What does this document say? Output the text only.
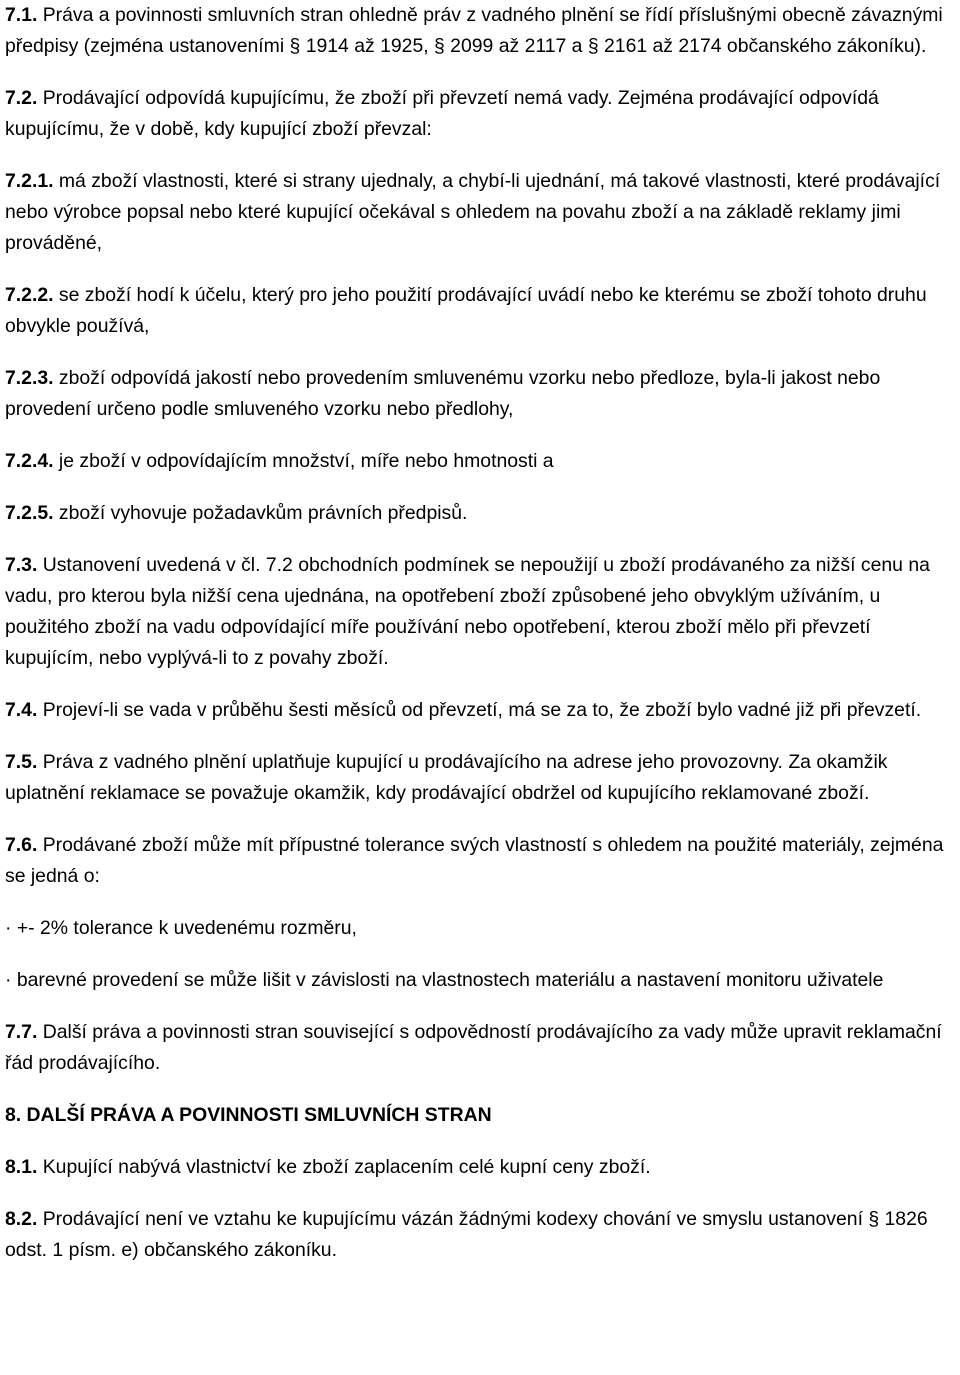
7.1. Práva a povinnosti smluvních stran ohledně práv z vadného plnění se řídí příslušnými obecně závaznými předpisy (zejména ustanoveními § 1914 až 1925, § 2099 až 2117 a § 2161 až 2174 občanského zákoníku).

7.2. Prodávající odpovídá kupujícímu, že zboží při převzetí nemá vady. Zejména prodávající odpovídá kupujícímu, že v době, kdy kupující zboží převzal:

7.2.1. má zboží vlastnosti, které si strany ujednaly, a chybí-li ujednání, má takové vlastnosti, které prodávající nebo výrobce popsal nebo které kupující očekával s ohledem na povahu zboží a na základě reklamy jimi prováděné,

7.2.2. se zboží hodí k účelu, který pro jeho použití prodávající uvádí nebo ke kterému se zboží tohoto druhu obvykle používá,

7.2.3. zboží odpovídá jakostí nebo provedením smluvenému vzorku nebo předloze, byla-li jakost nebo provedení určeno podle smluveného vzorku nebo předlohy,

7.2.4. je zboží v odpovídajícím množství, míře nebo hmotnosti a

7.2.5. zboží vyhovuje požadavkům právních předpisů.

7.3. Ustanovení uvedená v čl. 7.2 obchodních podmínek se nepoužijí u zboží prodávaného za nižší cenu na vadu, pro kterou byla nižší cena ujednána, na opotřebení zboží způsobené jeho obvyklým užíváním, u použitého zboží na vadu odpovídající míře používání nebo opotřebení, kterou zboží mělo při převzetí kupujícím, nebo vyplývá-li to z povahy zboží.

7.4. Projeví-li se vada v průběhu šesti měsíců od převzetí, má se za to, že zboží bylo vadné již při převzetí.

7.5. Práva z vadného plnění uplatňuje kupující u prodávajícího na adrese jeho provozovny. Za okamžik uplatnění reklamace se považuje okamžik, kdy prodávající obdržel od kupujícího reklamované zboží.

7.6. Prodávané zboží může mít přípustné tolerance svých vlastností s ohledem na použité materiály, zejména se jedná o:

· +- 2% tolerance k uvedenému rozměru,

· barevné provedení se může lišit v závislosti na vlastnostech materiálu a nastavení monitoru uživatele

7.7. Další práva a povinnosti stran související s odpovědností prodávajícího za vady může upravit reklamační řád prodávajícího.

8. DALŠÍ PRÁVA A POVINNOSTI SMLUVNÍCH STRAN

8.1. Kupující nabývá vlastnictví ke zboží zaplacením celé kupní ceny zboží.

8.2. Prodávající není ve vztahu ke kupujícímu vázán žádnými kodexy chování ve smyslu ustanovení § 1826 odst. 1 písm. e) občanského zákoníku.
